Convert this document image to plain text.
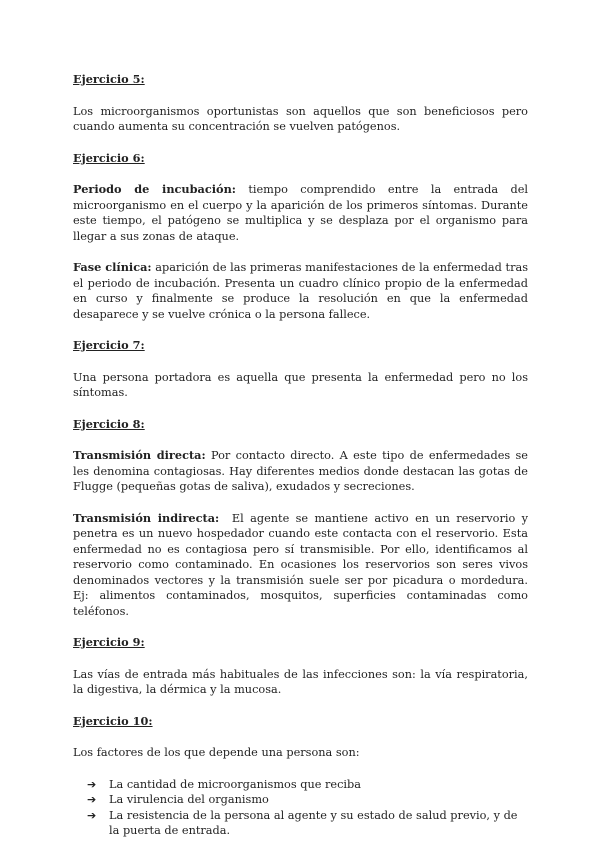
Ejercicio 5:

Los microorganismos oportunistas son aquellos que son beneficiosos pero cuando aumenta su concentración se vuelven patógenos.

Ejercicio 6:

Periodo de incubación: tiempo comprendido entre la entrada del microorganismo en el cuerpo y la aparición de los primeros síntomas. Durante este tiempo, el patógeno se multiplica y se desplaza por el organismo para llegar a sus zonas de ataque.

Fase clínica: aparición de las primeras manifestaciones de la enfermedad tras el periodo de incubación. Presenta un cuadro clínico propio de la enfermedad en curso y finalmente se produce la resolución en que la enfermedad desaparece y se vuelve crónica o la persona fallece.

Ejercicio 7:

Una persona portadora es aquella que presenta la enfermedad pero no los síntomas.

Ejercicio 8:

Transmisión directa: Por contacto directo. A este tipo de enfermedades se les denomina contagiosas. Hay diferentes medios donde destacan las gotas de Flugge (pequeñas gotas de saliva), exudados y secreciones.

Transmisión indirecta:  El agente se mantiene activo en un reservorio y penetra es un nuevo hospedador cuando este contacta con el reservorio. Esta enfermedad no es contagiosa pero sí transmisible. Por ello, identificamos al reservorio como contaminado. En ocasiones los reservorios son seres vivos denominados vectores y la transmisión suele ser por picadura o mordedura. Ej: alimentos contaminados, mosquitos, superficies contaminadas como teléfonos.

Ejercicio 9:

Las vías de entrada más habituales de las infecciones son: la vía respiratoria, la digestiva, la dérmica y la mucosa.

Ejercicio 10:

Los factores de los que depende una persona son:

➔ La cantidad de microorganismos que reciba
➔ La virulencia del organismo
➔ La resistencia de la persona al agente y su estado de salud previo, y de la puerta de entrada.
